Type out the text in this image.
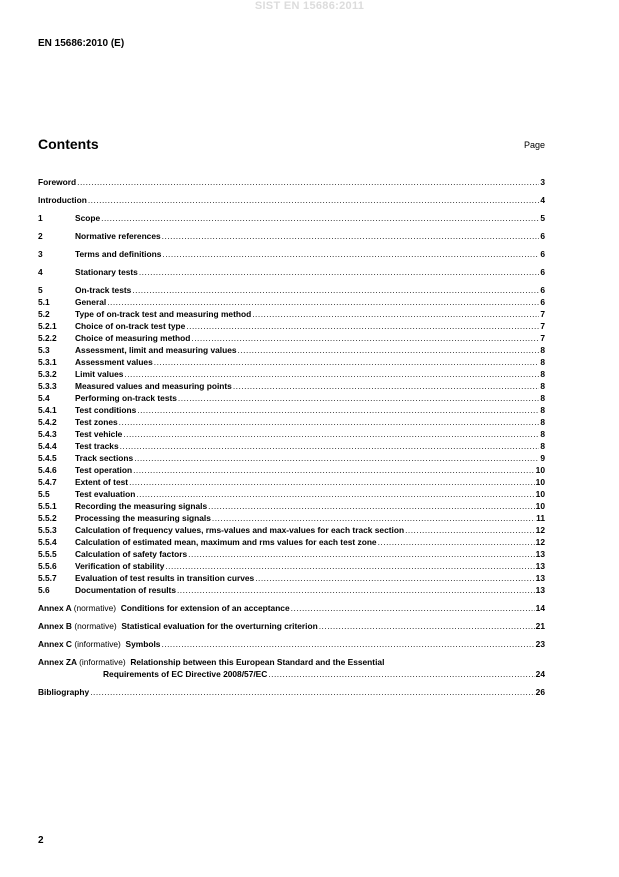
SIST EN 15686:2011
EN 15686:2010 (E)
Contents	Page
Foreword .....	3
Introduction .....	4
1	Scope .....	5
2	Normative references .....	6
3	Terms and definitions .....	6
4	Stationary tests .....	6
5	On-track tests .....	6
5.1	General .....	6
5.2	Type of on-track test and measuring method .....	7
5.2.1	Choice of on-track test type .....	7
5.2.2	Choice of measuring method .....	7
5.3	Assessment, limit and measuring values .....	8
5.3.1	Assessment values .....	8
5.3.2	Limit values .....	8
5.3.3	Measured values and measuring points .....	8
5.4	Performing on-track tests .....	8
5.4.1	Test conditions .....	8
5.4.2	Test zones .....	8
5.4.3	Test vehicle .....	8
5.4.4	Test tracks .....	8
5.4.5	Track sections .....	9
5.4.6	Test operation .....	10
5.4.7	Extent of test .....	10
5.5	Test evaluation .....	10
5.5.1	Recording the measuring signals .....	10
5.5.2	Processing the measuring signals .....	11
5.5.3	Calculation of frequency values, rms-values and max-values for each track section .....	12
5.5.4	Calculation of estimated mean, maximum and rms values for each test zone .....	12
5.5.5	Calculation of safety factors .....	13
5.5.6	Verification of stability .....	13
5.5.7	Evaluation of test results in transition curves .....	13
5.6	Documentation of results .....	13
Annex A (normative) Conditions for extension of an acceptance .....	14
Annex B (normative) Statistical evaluation for the overturning criterion .....	21
Annex C (informative) Symbols .....	23
Annex ZA (informative) Relationship between this European Standard and the Essential
Requirements of EC Directive 2008/57/EC .....	24
Bibliography .....	26
2
